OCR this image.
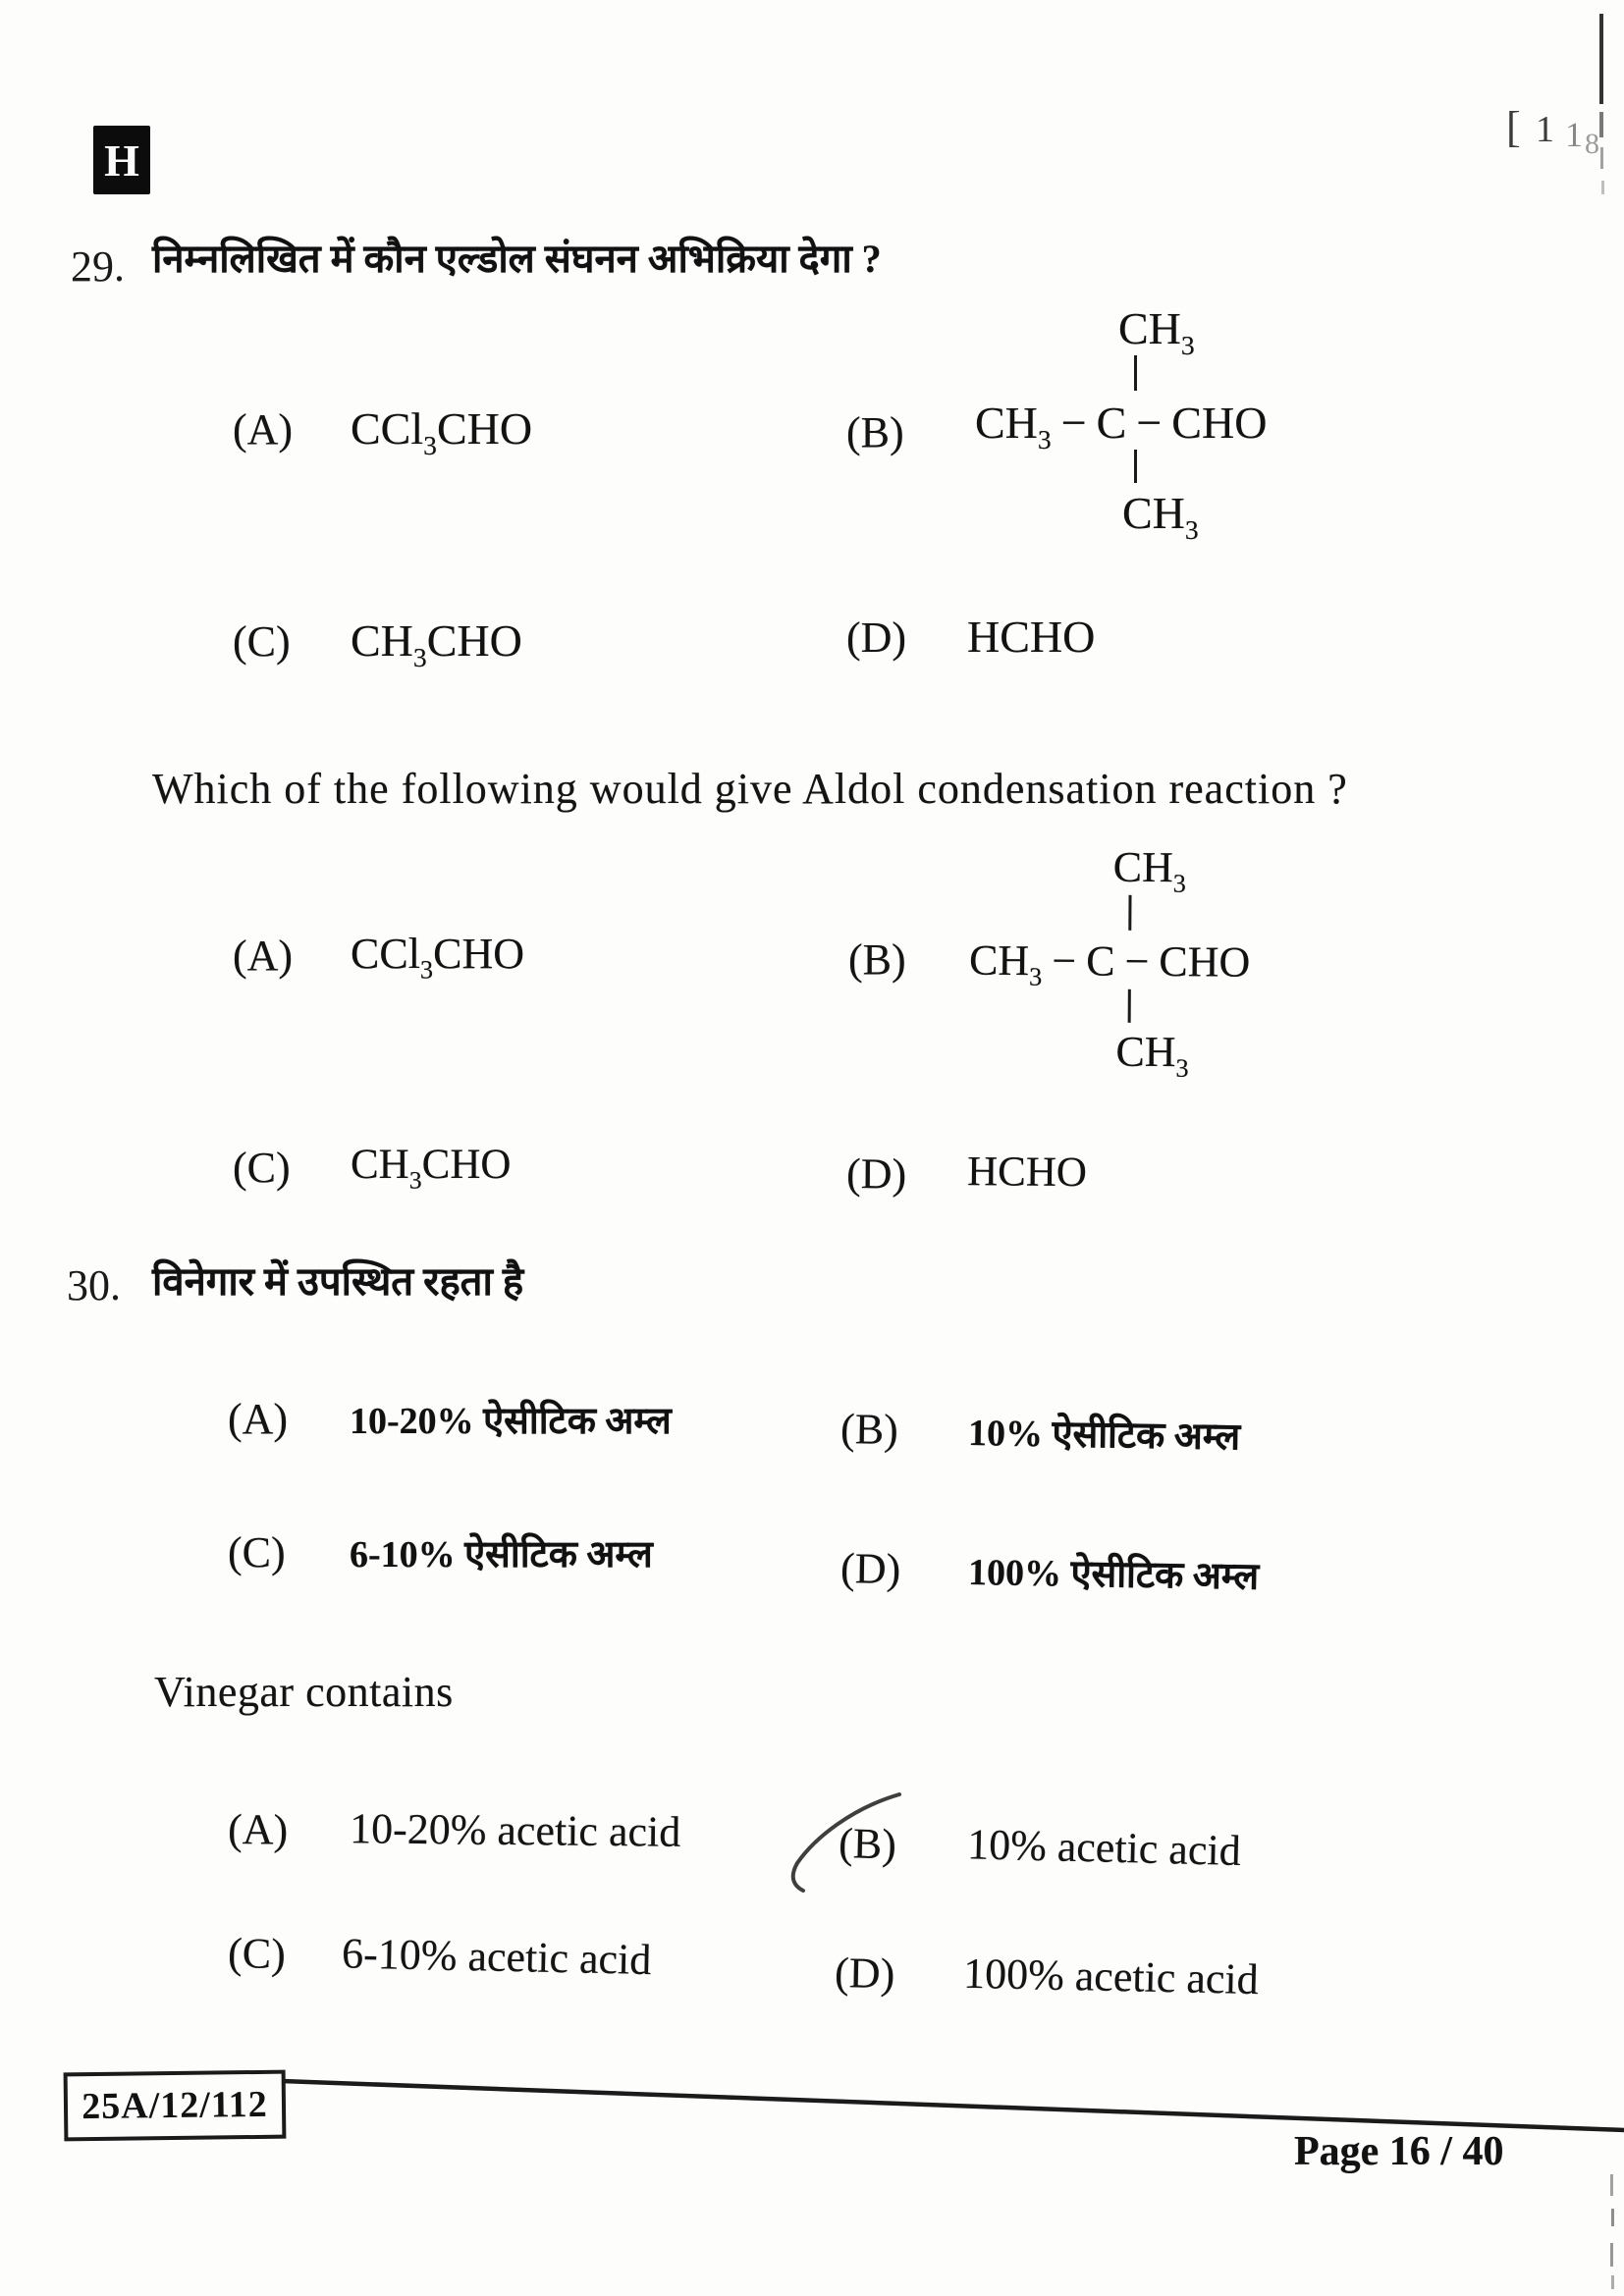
H
[ 1 1 8
29. निम्नलिखित में कौन एल्डोल संघनन अभिक्रिया देगा ?
(A) CCl$_3$CHO	(B)
$CH_3$
$CH_3 - C$ − CHO
$CH_3$
(C) $CH_3CHO$	(D) HCHO
Which of the following would give Aldol condensation reaction ?
(A) CCl$_3$CHO	(B)
$CH_3$
$CH_3 - C$ − CHO
$CH_3$
(C) $CH_3CHO$	(D) HCHO
30. विनेगार में उपस्थित रहता है
(A) 10-20% ऐसीटिक अम्ल	(B) 10% ऐसीटिक अम्ल
(C) 6-10% ऐसीटिक अम्ल	(D) 100% ऐसीटिक अम्ल
Vinegar contains
(A) 10-20% acetic acid	(B) 10% acetic acid
(C) 6-10% acetic acid	(D) 100% acetic acid
25A/12/112
Page 16 / 40
